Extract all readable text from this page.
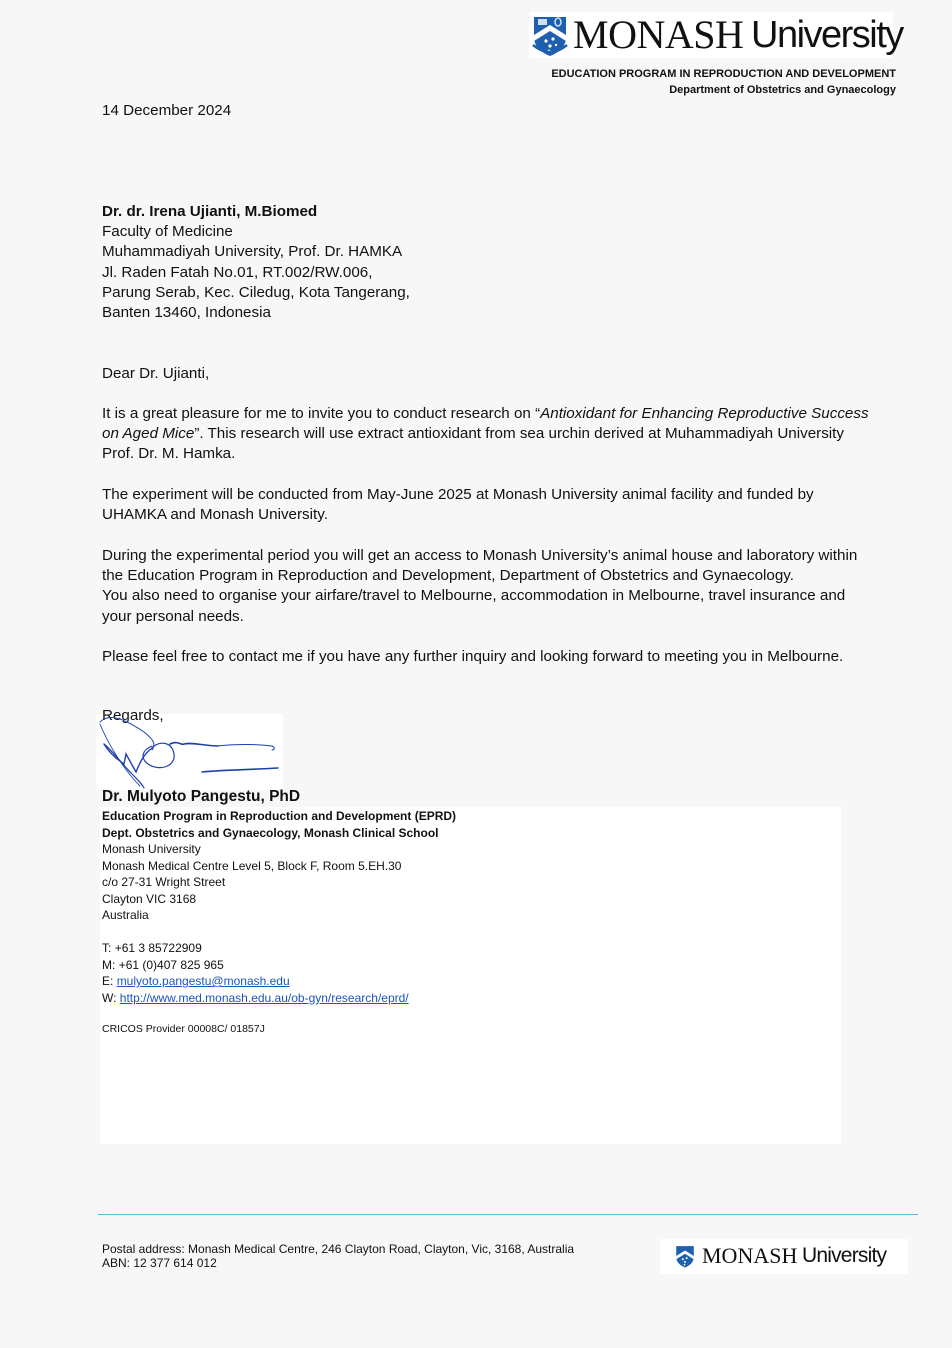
MONASH University
EDUCATION PROGRAM IN REPRODUCTION AND DEVELOPMENT
Department of Obstetrics and Gynaecology
14 December 2024
Dr. dr. Irena Ujianti, M.Biomed
Faculty of Medicine
Muhammadiyah University, Prof. Dr. HAMKA
Jl. Raden Fatah No.01, RT.002/RW.006,
Parung Serab, Kec. Ciledug, Kota Tangerang,
Banten 13460, Indonesia
Dear Dr. Ujianti,
It is a great pleasure for me to invite you to conduct research on “Antioxidant for Enhancing Reproductive Success
on Aged Mice”. This research will use extract antioxidant from sea urchin derived at Muhammadiyah University
Prof. Dr. M. Hamka.
The experiment will be conducted from May-June 2025 at Monash University animal facility and funded by
UHAMKA and Monash University.
During the experimental period you will get an access to Monash University’s animal house and laboratory within
the Education Program in Reproduction and Development, Department of Obstetrics and Gynaecology.
You also need to organise your airfare/travel to Melbourne, accommodation in Melbourne, travel insurance and
your personal needs.
Please feel free to contact me if you have any further inquiry and looking forward to meeting you in Melbourne.
Regards,
Dr. Mulyoto Pangestu, PhD
Education Program in Reproduction and Development (EPRD)
Dept. Obstetrics and Gynaecology, Monash Clinical School
Monash University
Monash Medical Centre Level 5, Block F, Room 5.EH.30
c/o 27-31 Wright Street
Clayton VIC 3168
Australia
T: +61 3 85722909
M: +61 (0)407 825 965
E: mulyoto.pangestu@monash.edu
W: http://www.med.monash.edu.au/ob-gyn/research/eprd/
CRICOS Provider 00008C/ 01857J
Postal address: Monash Medical Centre, 246 Clayton Road, Clayton, Vic, 3168, Australia
ABN: 12 377 614 012	MONASH University
